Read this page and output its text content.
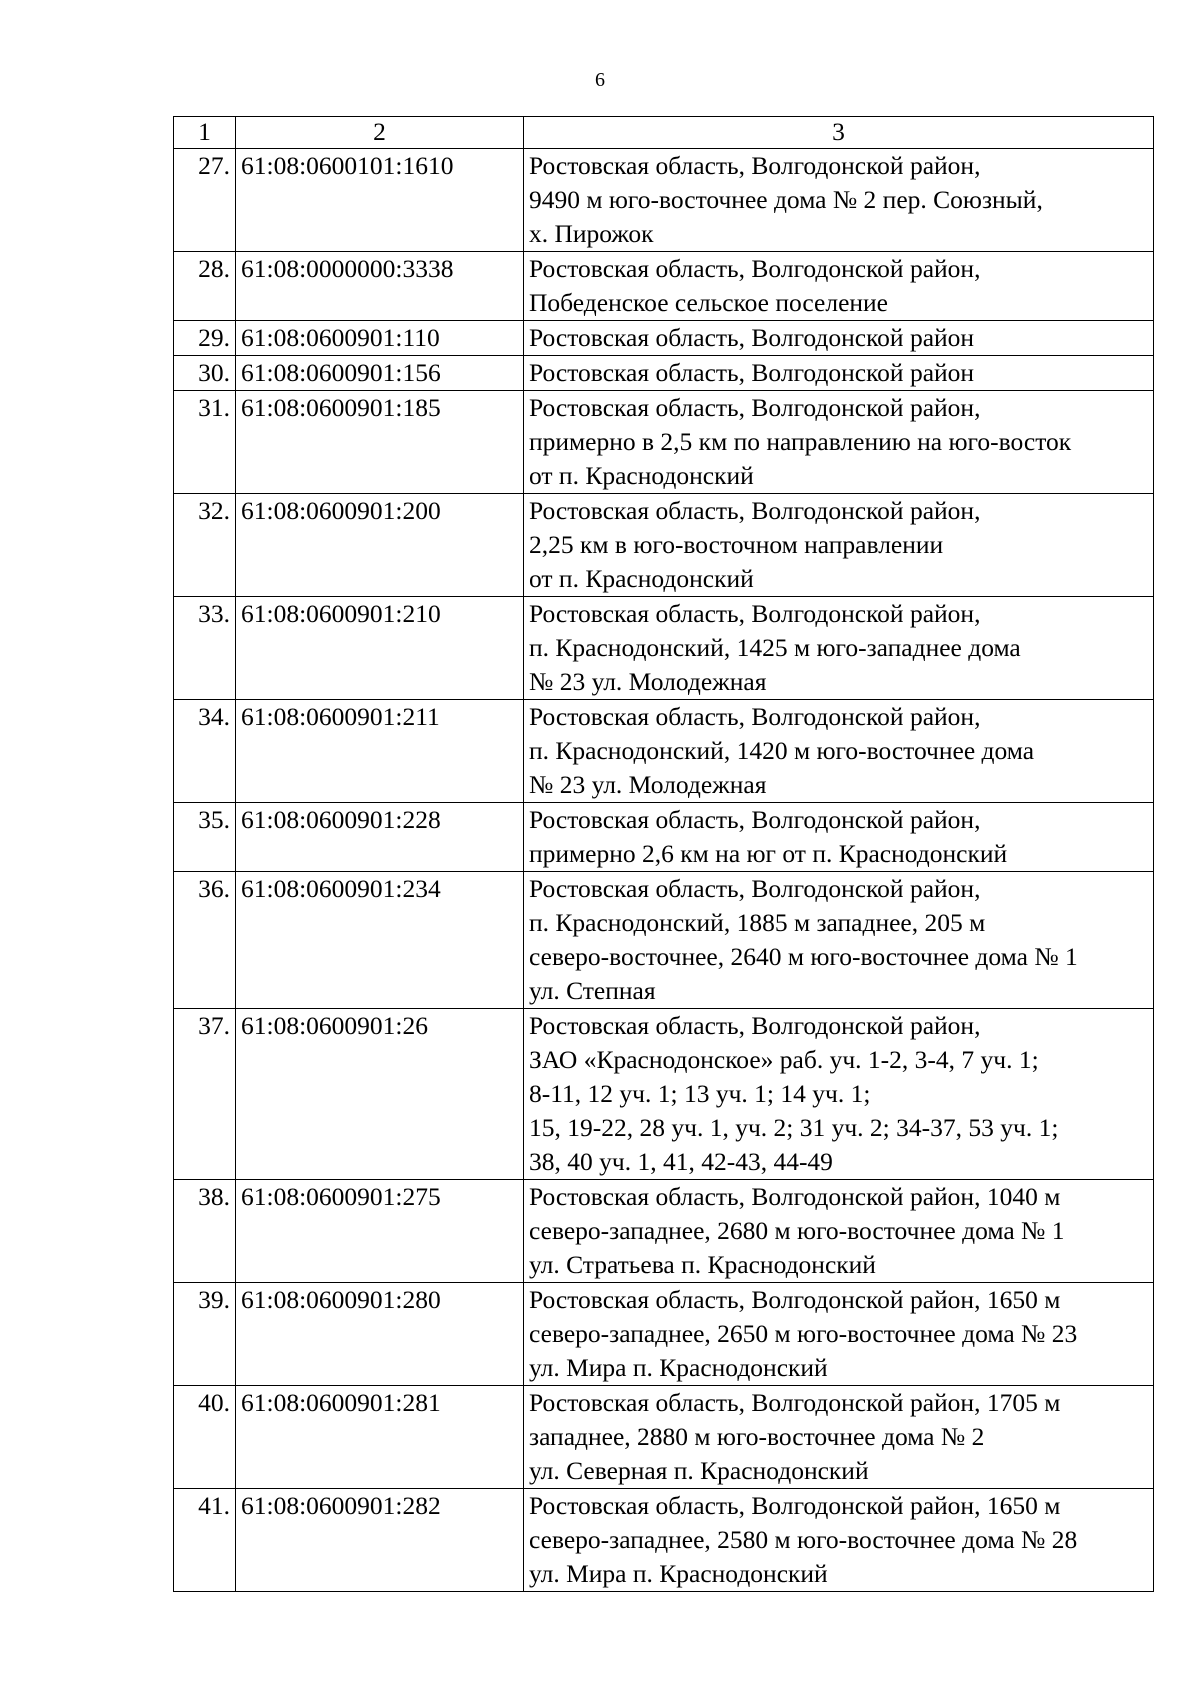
6
1	2	3
27.	61:08:0600101:1610	Ростовская область, Волгодонской район,
9490 м юго-восточнее дома № 2 пер. Союзный,
х. Пирожок

28.	61:08:0000000:3338	Ростовская область, Волгодонской район,
Победенское сельское поселение

29.	61:08:0600901:110	Ростовская область, Волгодонской район

30.	61:08:0600901:156	Ростовская область, Волгодонской район

31.	61:08:0600901:185	Ростовская область, Волгодонской район,
примерно в 2,5 км по направлению на юго-восток
от п. Краснодонский

32.	61:08:0600901:200	Ростовская область, Волгодонской район,
2,25 км в юго-восточном направлении
от п. Краснодонский

33.	61:08:0600901:210	Ростовская область, Волгодонской район,
п. Краснодонский, 1425 м юго-западнее дома
№ 23 ул. Молодежная

34.	61:08:0600901:211	Ростовская область, Волгодонской район,
п. Краснодонский, 1420 м юго-восточнее дома
№ 23 ул. Молодежная

35.	61:08:0600901:228	Ростовская область, Волгодонской район,
примерно 2,6 км на юг от п. Краснодонский

36.	61:08:0600901:234	Ростовская область, Волгодонской район,
п. Краснодонский, 1885 м западнее, 205 м
северо-восточнее, 2640 м юго-восточнее дома № 1
ул. Степная

37.	61:08:0600901:26	Ростовская область, Волгодонской район,
ЗАО «Краснодонское» раб. уч. 1-2, 3-4, 7 уч. 1;
8-11, 12 уч. 1; 13 уч. 1; 14 уч. 1;
15, 19-22, 28 уч. 1, уч. 2; 31 уч. 2; 34-37, 53 уч. 1;
38, 40 уч. 1, 41, 42-43, 44-49

38.	61:08:0600901:275	Ростовская область, Волгодонской район, 1040 м
северо-западнее, 2680 м юго-восточнее дома № 1
ул. Стратьева п. Краснодонский

39.	61:08:0600901:280	Ростовская область, Волгодонской район, 1650 м
северо-западнее, 2650 м юго-восточнее дома № 23
ул. Мира п. Краснодонский

40.	61:08:0600901:281	Ростовская область, Волгодонской район, 1705 м
западнее, 2880 м юго-восточнее дома № 2
ул. Северная п. Краснодонский

41.	61:08:0600901:282	Ростовская область, Волгодонской район, 1650 м
северо-западнее, 2580 м юго-восточнее дома № 28
ул. Мира п. Краснодонский
